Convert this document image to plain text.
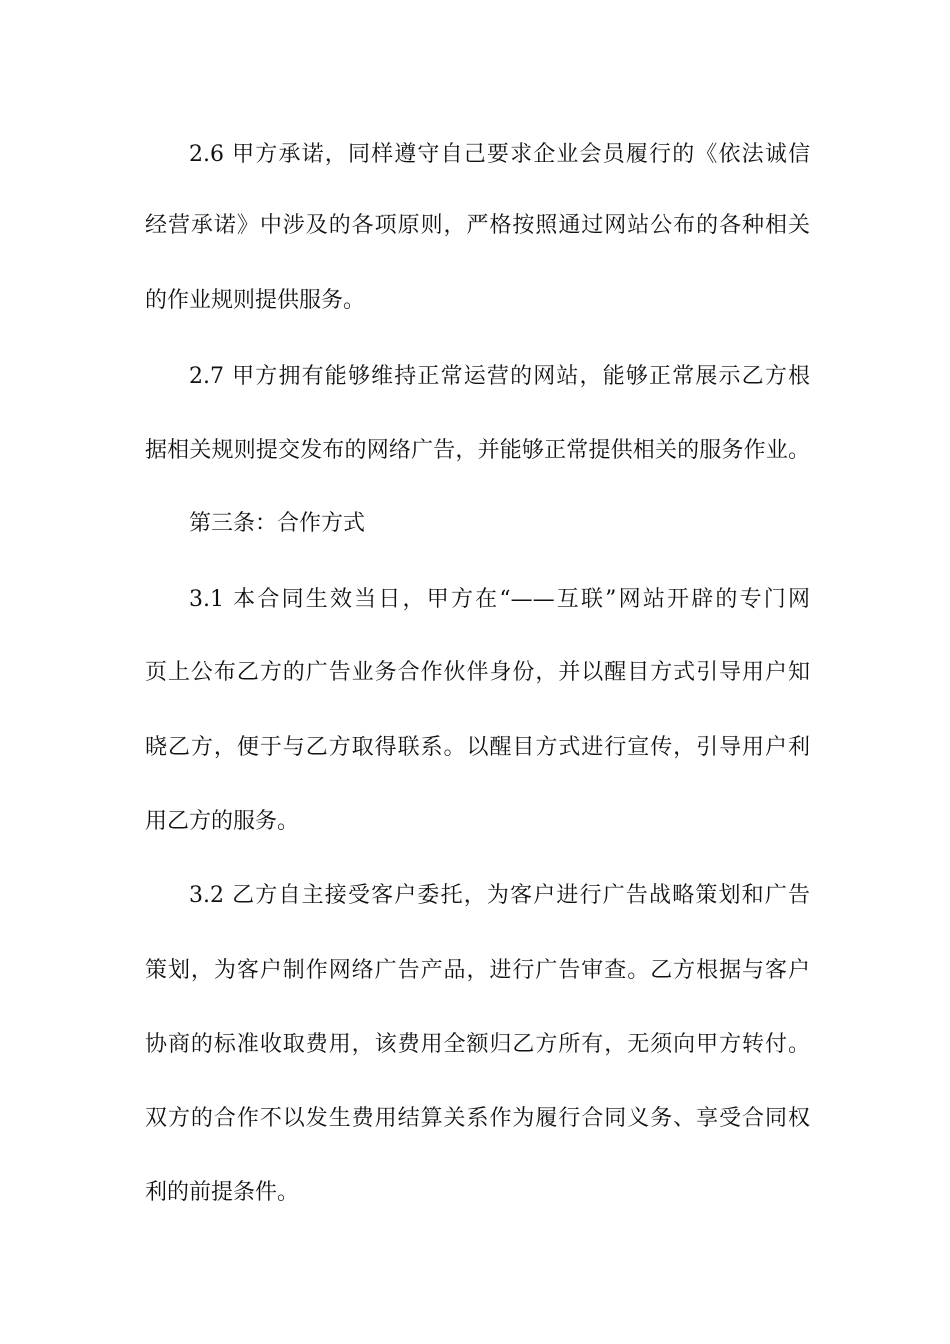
2.6 甲方承诺，同样遵守自己要求企业会员履行的《依法诚信
经营承诺》中涉及的各项原则，严格按照通过网站公布的各种相关
的作业规则提供服务。
2.7 甲方拥有能够维持正常运营的网站，能够正常展示乙方根
据相关规则提交发布的网络广告，并能够正常提供相关的服务作业。
第三条：合作方式
3.1 本合同生效当日，甲方在“——互联”网站开辟的专门网
页上公布乙方的广告业务合作伙伴身份，并以醒目方式引导用户知
晓乙方，便于与乙方取得联系。以醒目方式进行宣传，引导用户利
用乙方的服务。
3.2 乙方自主接受客户委托，为客户进行广告战略策划和广告
策划，为客户制作网络广告产品，进行广告审查。乙方根据与客户
协商的标准收取费用，该费用全额归乙方所有，无须向甲方转付。
双方的合作不以发生费用结算关系作为履行合同义务、享受合同权
利的前提条件。
